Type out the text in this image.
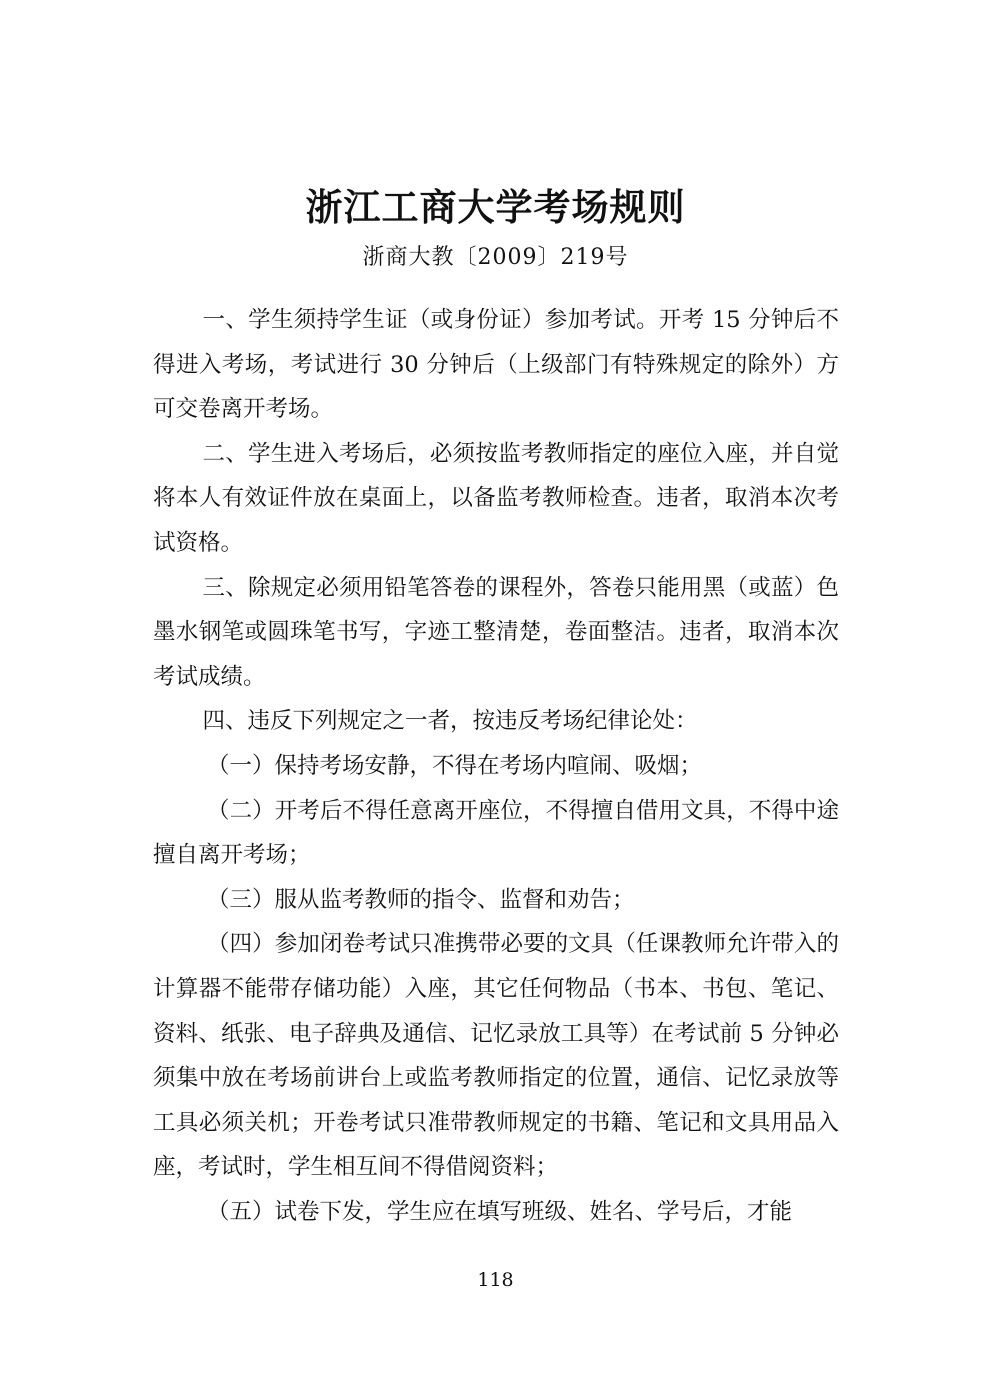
浙江工商大学考场规则
浙商大教〔2009〕219号

一、学生须持学生证（或身份证）参加考试。开考 15 分钟后不得进入考场，考试进行 30 分钟后（上级部门有特殊规定的除外）方可交卷离开考场。

二、学生进入考场后，必须按监考教师指定的座位入座，并自觉将本人有效证件放在桌面上，以备监考教师检查。违者，取消本次考试资格。

三、除规定必须用铅笔答卷的课程外，答卷只能用黑（或蓝）色墨水钢笔或圆珠笔书写，字迹工整清楚，卷面整洁。违者，取消本次考试成绩。

四、违反下列规定之一者，按违反考场纪律论处：

（一）保持考场安静，不得在考场内喧闹、吸烟；

（二）开考后不得任意离开座位，不得擅自借用文具，不得中途擅自离开考场；

（三）服从监考教师的指令、监督和劝告；

（四）参加闭卷考试只准携带必要的文具（任课教师允许带入的计算器不能带存储功能）入座，其它任何物品（书本、书包、笔记、资料、纸张、电子辞典及通信、记忆录放工具等）在考试前 5 分钟必须集中放在考场前讲台上或监考教师指定的位置，通信、记忆录放等工具必须关机；开卷考试只准带教师规定的书籍、笔记和文具用品入座，考试时，学生相互间不得借阅资料；

（五）试卷下发，学生应在填写班级、姓名、学号后，才能

118
